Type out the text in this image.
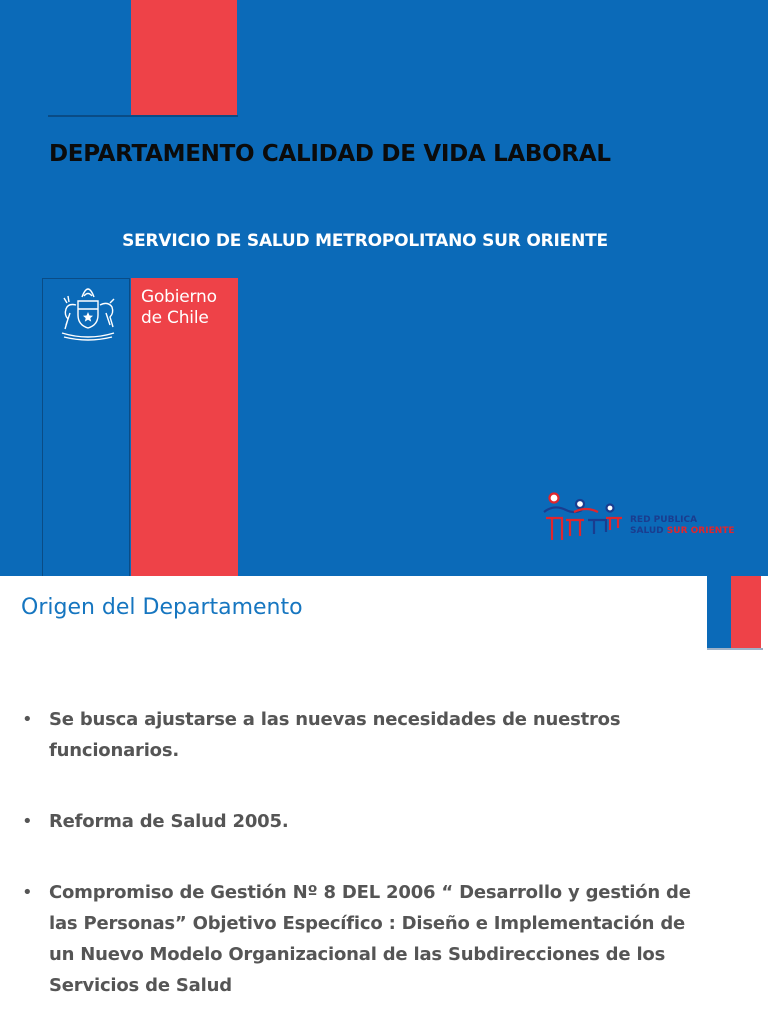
DEPARTAMENTO CALIDAD DE VIDA LABORAL
SERVICIO DE SALUD METROPOLITANO SUR ORIENTE
Gobierno
de Chile
RED PUBLICA
SALUD SUR ORIENTE
Origen del Departamento
• Se busca ajustarse a las nuevas necesidades de nuestros funcionarios.
• Reforma de Salud 2005.
• Compromiso de Gestión Nº 8 DEL 2006 “ Desarrollo y gestión de las Personas” Objetivo Específico : Diseño e Implementación de un Nuevo Modelo Organizacional de las Subdirecciones de los Servicios de Salud
